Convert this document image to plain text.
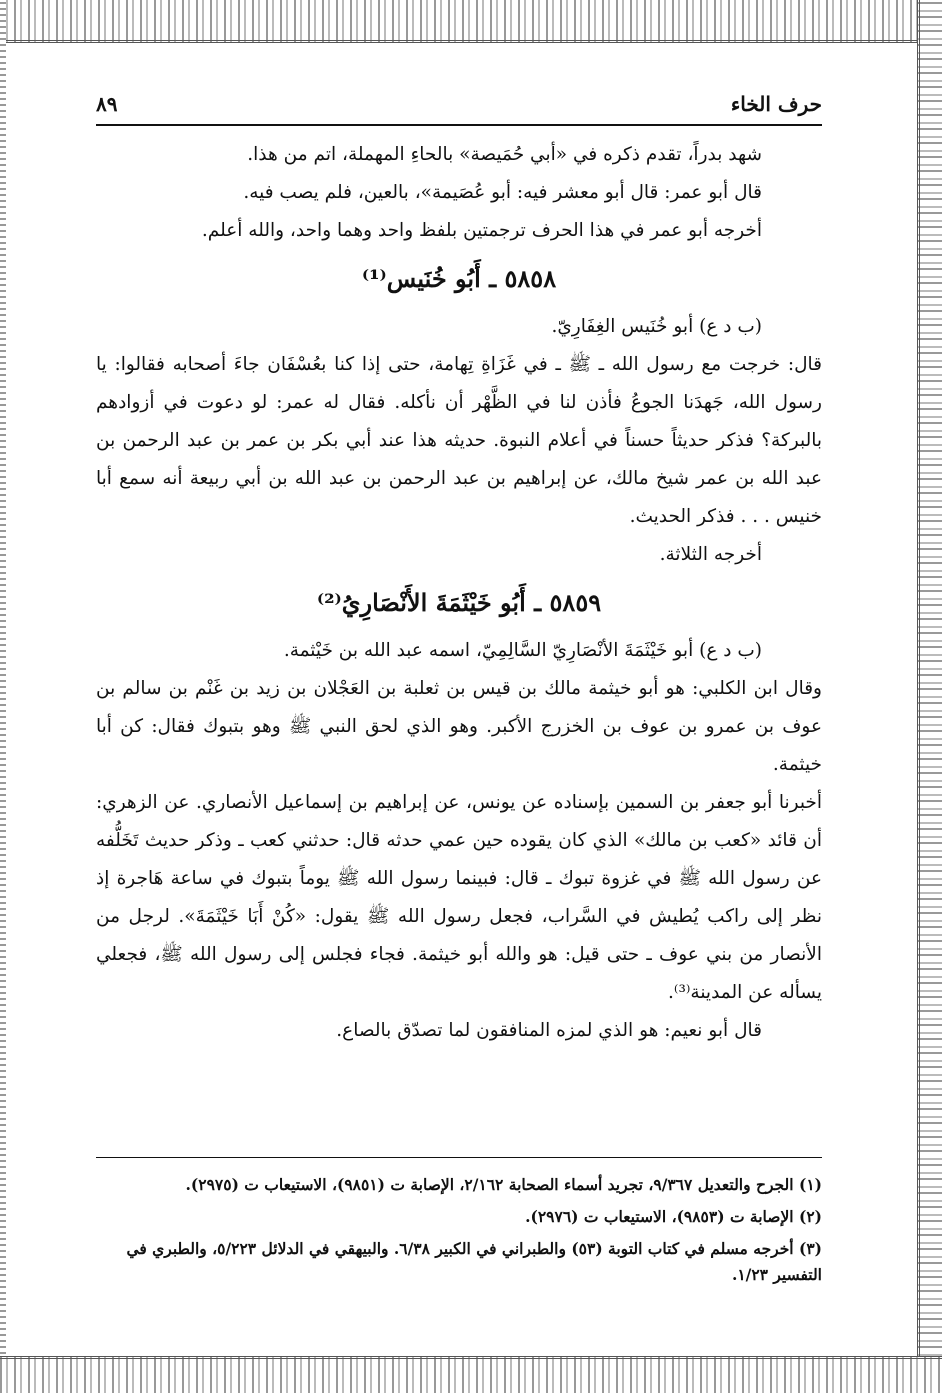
حرف الخاء
٨٩

شهد بدراً، تقدم ذكره في «أبي حُمَيصة» بالحاءِ المهملة، اتم من هذا.

قال أبو عمر: قال أبو معشر فيه: أبو عُصَيمة»، بالعين، فلم يصب فيه.

أخرجه أبو عمر في هذا الحرف ترجمتين بلفظ واحد وهما واحد، والله أعلم.

٥٨٥٨ ـ أَبُو خُنَيس⁽¹⁾

(ب د ع) أبو خُنَيس الغِفَارِيّ.

قال: خرجت مع رسول الله ـ ﷺ ـ في غَزَاةِ تِهامة، حتى إذا كنا بعُسْفَان جاءَ أصحابه فقالوا: يا رسول الله، جَهدَنا الجوعُ فأذن لنا في الظَّهْر أن نأكله. فقال له عمر: لو دعوت في أزوادهم بالبركة؟ فذكر حديثاً حسناً في أعلام النبوة. حديثه هذا عند أبي بكر بن عمر بن عبد الرحمن بن عبد الله بن عمر شيخ مالك، عن إبراهيم بن عبد الرحمن بن عبد الله بن أبي ربيعة أنه سمع أبا خنيس . . . فذكر الحديث.

أخرجه الثلاثة.

٥٨٥٩ ـ أَبُو خَيْثَمَةَ الأَنْصَارِيُ⁽²⁾

(ب د ع) أبو خَيْثَمَةَ الأنْصَارِيّ السَّالِمِيّ، اسمه عبد الله بن خَيْثمة.

وقال ابن الكلبي: هو أبو خيثمة مالك بن قيس بن ثعلبة بن العَجْلان بن زيد بن غَنْم بن سالم بن عوف بن عمرو بن عوف بن الخزرج الأكبر. وهو الذي لحق النبي ﷺ وهو بتبوك فقال: كن أبا خيثمة.

أخبرنا أبو جعفر بن السمين بإسناده عن يونس، عن إبراهيم بن إسماعيل الأنصاري. عن الزهري: أن قائد «كعب بن مالك» الذي كان يقوده حين عمي حدثه قال: حدثني كعب ـ وذكر حديث تَخَلُّفه عن رسول الله ﷺ في غزوة تبوك ـ قال: فبينما رسول الله ﷺ يوماً بتبوك في ساعة هَاجرة إذ نظر إلى راكب يُطيش في السَّراب، فجعل رسول الله ﷺ يقول: «كُنْ أَبَا خَيْثَمَةَ». لرجل من الأنصار من بني عوف ـ حتى قيل: هو والله أبو خيثمة. فجاء فجلس إلى رسول الله ﷺ، فجعلي يسأله عن المدينة⁽³⁾.

قال أبو نعيم: هو الذي لمزه المنافقون لما تصدّق بالصاع.

(١) الجرح والتعديل ٩/٣٦٧، تجريد أسماء الصحابة ٢/١٦٢، الإصابة ت (٩٨٥١)، الاستيعاب ت (٢٩٧٥).

(٢) الإصابة ت (٩٨٥٣)، الاستيعاب ت (٢٩٧٦).

(٣) أخرجه مسلم في كتاب التوبة (٥٣) والطبراني في الكبير ٦/٣٨. والبيهقي في الدلائل ٥/٢٢٣، والطبري في التفسير ١/٢٣.
